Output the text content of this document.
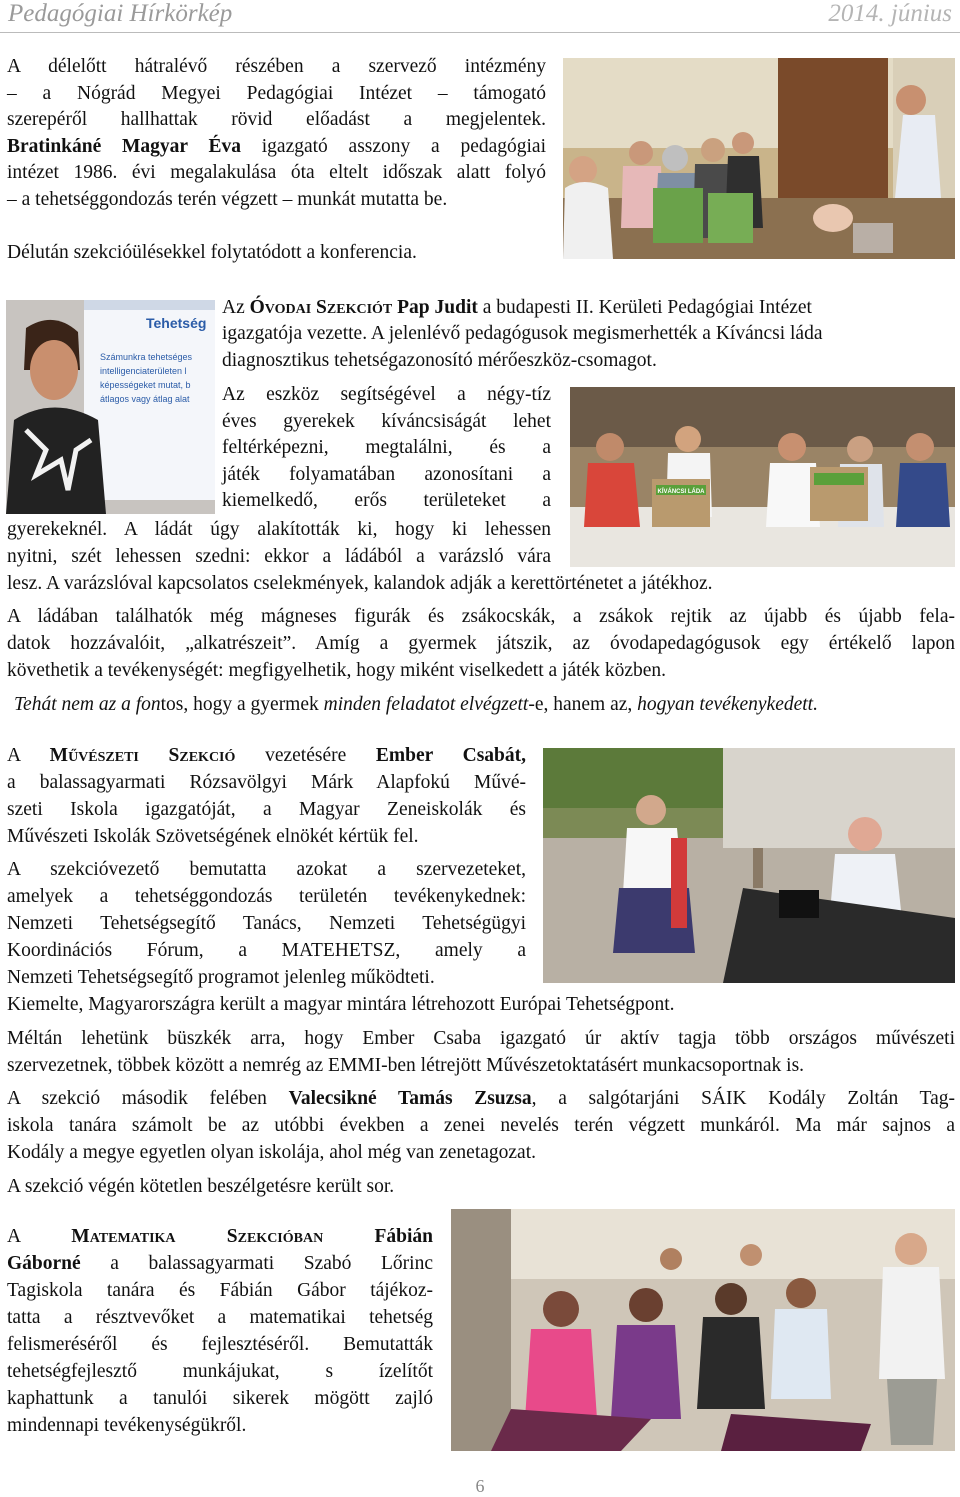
Pedagógiai Hírkörkép	2014. június
A délelőtt hátralévő részében a szervező intézmény
– a Nógrád Megyei Pedagógiai Intézet – támogató
szerepéről hallhattak rövid előadást a megjelentek.
Bratinkáné Magyar Éva igazgató asszony a pedagógiai
intézet 1986. évi megalakulása óta eltelt időszak alatt folyó
– a tehetséggondozás terén végzett – munkát mutatta be.
Délután szekcióülésekkel folytatódott a konferencia.
Tehetség
Számunkra tehetséges
intelligenciaterületen l
képességeket mutat, b
átlagos vagy átlag alat
Az Óvodai Szekciót Pap Judit a budapesti II. Kerületi Pedagógiai Intézet
igazgatója vezette. A jelenlévő pedagógusok megismerhették a Kíváncsi láda
diagnosztikus tehetségazonosító mérőeszköz-csomagot.
Az eszköz segítségével a négy-tíz
éves gyerekek kíváncsiságát lehet
feltérképezni, megtalálni, és a
játék folyamatában azonosítani a
kiemelkedő, erős területeket a
gyerekeknél. A ládát úgy alakították ki, hogy ki lehessen
nyitni, szét lehessen szedni: ekkor a ládából a varázsló vára
lesz. A varázslóval kapcsolatos cselekmények, kalandok adják a kerettörténetet a játékhoz.
KÍVÁNCSI LÁDA
A ládában találhatók még mágneses figurák és zsákocskák, a zsákok rejtik az újabb és újabb fela-
datok hozzávalóit, „alkatrészeit”. Amíg a gyermek játszik, az óvodapedagógusok egy értékelő lapon
követhetik a tevékenységét: megfigyelhetik, hogy miként viselkedett a játék közben.
Tehát nem az a fontos, hogy a gyermek minden feladatot elvégzett-e, hanem az, hogyan tevékenykedett.
A Művészeti Szekció vezetésére Ember Csabát,
a balassagyarmati Rózsavölgyi Márk Alapfokú Művé-
szeti Iskola igazgatóját, a Magyar Zeneiskolák és
Művészeti Iskolák Szövetségének elnökét kértük fel.
A szekcióvezető bemutatta azokat a szervezeteket,
amelyek a tehetséggondozás területén tevékenykednek:
Nemzeti Tehetségsegítő Tanács, Nemzeti Tehetségügyi
Koordinációs Fórum, a MATEHETSZ, amely a
Nemzeti Tehetségsegítő programot jelenleg működteti.
Kiemelte, Magyarországra került a magyar mintára létrehozott Európai Tehetségpont.
Méltán lehetünk büszkék arra, hogy Ember Csaba igazgató úr aktív tagja több országos művészeti
szervezetnek, többek között a nemrég az EMMI-ben létrejött Művészetoktatásért munkacsoportnak is.
A szekció második felében Valecsikné Tamás Zsuzsa, a salgótarjáni SÁIK Kodály Zoltán Tag-
iskola tanára számolt be az utóbbi években a zenei nevelés terén végzett munkáról. Ma már sajnos a
Kodály a megye egyetlen olyan iskolája, ahol még van zenetagozat.
A szekció végén kötetlen beszélgetésre került sor.
A	Matematika Szekcióban	Fábián
Gáborné a balassagyarmati Szabó Lőrinc
Tagiskola tanára és Fábián Gábor tájékoz-
tatta a résztvevőket a matematikai tehetség
felismeréséről és fejlesztéséről. Bemutatták
tehetségfejlesztő munkájukat, s ízelítőt
kaphattunk a tanulói sikerek mögött zajló
mindennapi tevékenységükről.
6
